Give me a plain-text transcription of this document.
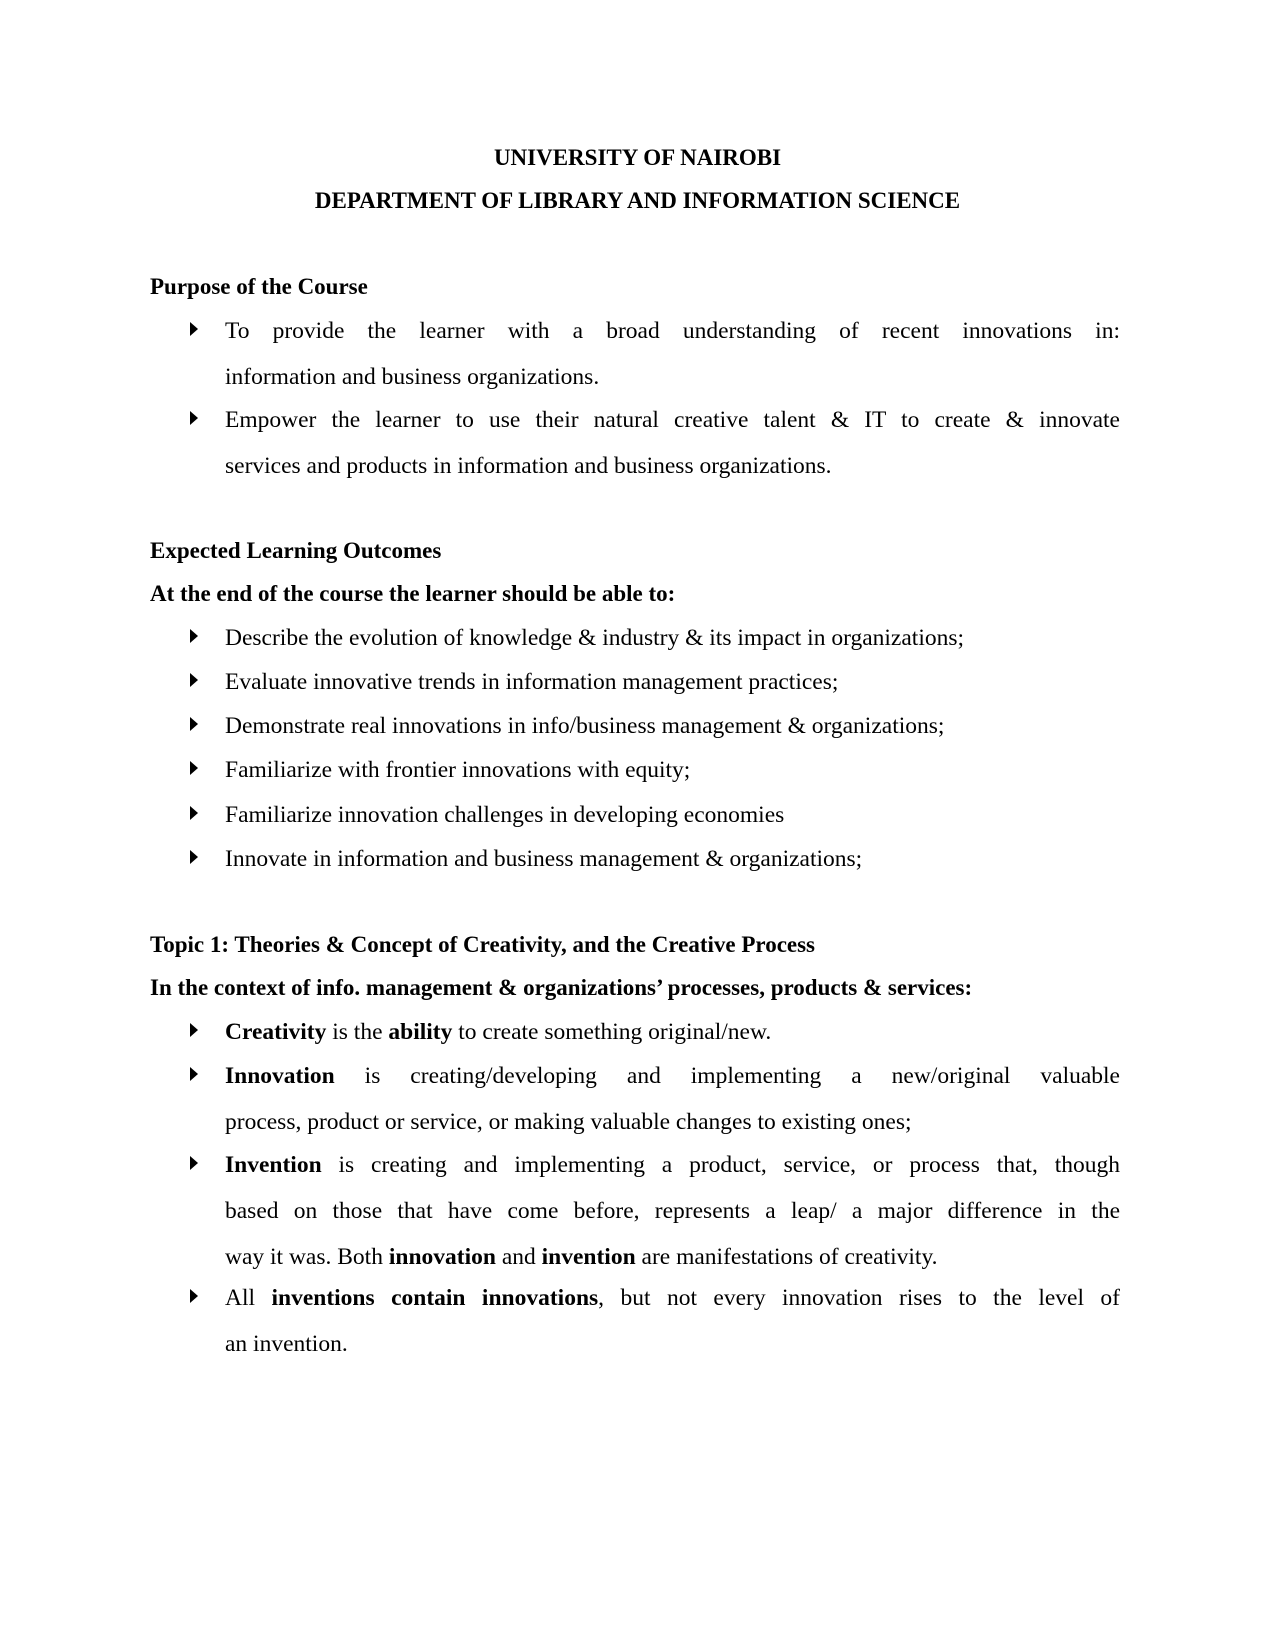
UNIVERSITY OF NAIROBI
DEPARTMENT OF LIBRARY AND INFORMATION SCIENCE
Purpose of the Course
To provide the learner with a broad understanding of recent innovations in:
information and business organizations.
Empower the learner to use their natural creative talent & IT to create & innovate
services and products in information and business organizations.
Expected Learning Outcomes
At the end of the course the learner should be able to:
Describe the evolution of knowledge & industry & its impact in organizations;
Evaluate innovative trends in information management practices;
Demonstrate real innovations in info/business management & organizations;
Familiarize with frontier innovations with equity;
Familiarize innovation challenges in developing economies
Innovate in information and business management & organizations;
Topic 1: Theories & Concept of Creativity, and the Creative Process
In the context of info. management & organizations’ processes, products & services:
Creativity is the ability to create something original/new.
Innovation is creating/developing and implementing a new/original valuable
process, product or service, or making valuable changes to existing ones;
Invention is creating and implementing a product, service, or process that, though
based on those that have come before, represents a leap/ a major difference in the
way it was. Both innovation and invention are manifestations of creativity.
All inventions contain innovations, but not every innovation rises to the level of
an invention.
